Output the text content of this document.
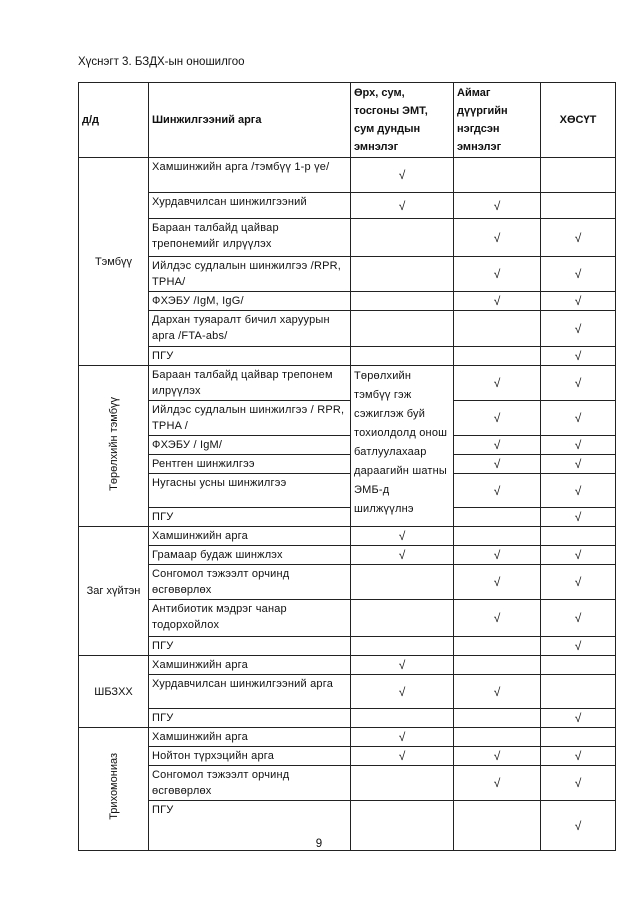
Хүснэгт 3. БЗДХ-ын оношилгоо
д/д	Шинжилгээний арга	Өрх, сум, тосгоны ЭМТ, сум дундын эмнэлэг	Аймаг дүүргийн нэгдсэн эмнэлэг	ХӨСҮТ
Тэмбүү	Хамшинжийн арга /тэмбүү 1-р үе/	√		
	Хурдавчилсан шинжилгээний	√	√	
	Бараан талбайд цайвар трепонемийг илрүүлэх		√	√
	Ийлдэс судлалын шинжилгээ /RPR, TPHA/		√	√
	ФХЭБУ /IgM, IgG/		√	√
	Дархан туяаралт бичил харуурын арга /FTA-abs/			√
	ПГУ			√
Төрөлхийн тэмбүү	Бараан талбайд цайвар трепонем илрүүлэх	Төрөлхийн тэмбүү гэж сэжиглэж буй тохиолдолд онош батлуулахаар дараагийн шатны ЭМБ-д шилжүүлнэ	√	√
	Ийлдэс судлалын шинжилгээ / RPR, TPHA /		√	√
	ФХЭБУ / IgM/		√	√
	Рентген шинжилгээ		√	√
	Нугасны усны шинжилгээ		√	√
	ПГУ			√
Заг хүйтэн	Хамшинжийн арга	√		
	Грамаар будаж шинжлэх	√	√	√
	Сонгомол тэжээлт орчинд өсгөвөрлөх		√	√
	Антибиотик мэдрэг чанар тодорхойлох		√	√
	ПГУ			√
ШБЗХХ	Хамшинжийн арга	√		
	Хурдавчилсан шинжилгээний арга	√	√	
	ПГУ			√
Трихомониаз	Хамшинжийн арга	√		
	Нойтон түрхэцийн арга	√	√	√
	Сонгомол тэжээлт орчинд өсгөвөрлөх		√	√
	ПГУ			√
9
